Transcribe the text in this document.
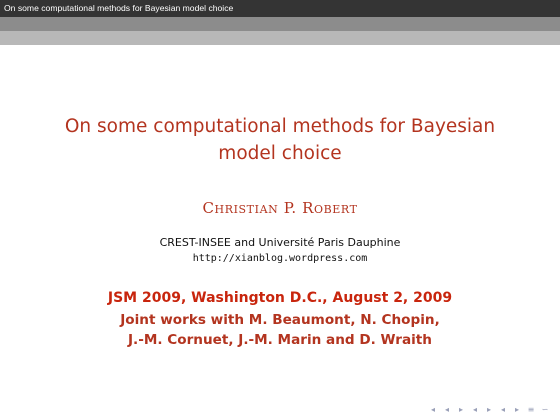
On some computational methods for Bayesian model choice
On some computational methods for Bayesian model choice
Christian P. Robert
CREST-INSEE and Université Paris Dauphine
http://xianblog.wordpress.com
JSM 2009, Washington D.C., August 2, 2009
Joint works with M. Beaumont, N. Chopin,
J.-M. Cornuet, J.-M. Marin and D. Wraith
◂	◂	▸	◂	▸	◂	▸	≡ ∽
